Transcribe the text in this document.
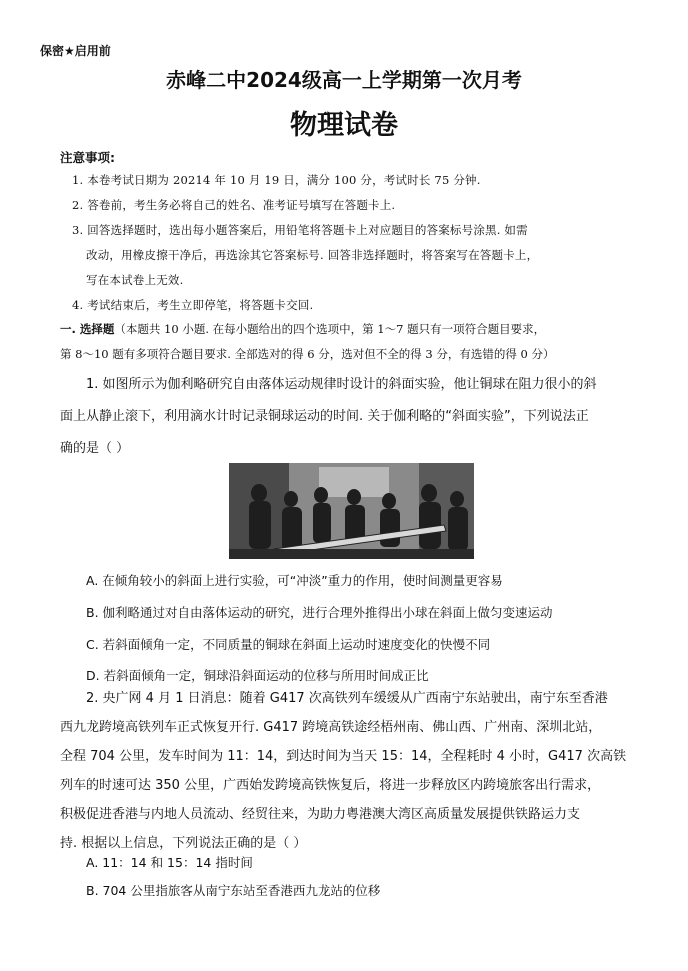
保密★启用前
赤峰二中2024级高一上学期第一次月考
物理试卷
注意事项:
1. 本卷考试日期为 20214 年 10 月 19 日，满分 100 分，考试时长 75 分钟.
2. 答卷前，考生务必将自己的姓名、准考证号填写在答题卡上.
3. 回答选择题时，选出每小题答案后，用铅笔将答题卡上对应题目的答案标号涂黑. 如需
改动，用橡皮擦干净后，再选涂其它答案标号. 回答非选择题时，将答案写在答题卡上，
写在本试卷上无效.
4. 考试结束后，考生立即停笔，将答题卡交回.
一. 选择题（本题共 10 小题. 在每小题给出的四个选项中，第 1～7 题只有一项符合题目要求，
第 8～10 题有多项符合题目要求. 全部选对的得 6 分，选对但不全的得 3 分，有选错的得 0 分）
1. 如图所示为伽利略研究自由落体运动规律时设计的斜面实验，他让铜球在阻力很小的斜
面上从静止滚下，利用滴水计时记录铜球运动的时间. 关于伽利略的“斜面实验”，下列说法正
确的是（ ）
A. 在倾角较小的斜面上进行实验，可“冲淡”重力的作用，使时间测量更容易
B. 伽利略通过对自由落体运动的研究，进行合理外推得出小球在斜面上做匀变速运动
C. 若斜面倾角一定，不同质量的铜球在斜面上运动时速度变化的快慢不同
D. 若斜面倾角一定，铜球沿斜面运动的位移与所用时间成正比
2. 央广网 4 月 1 日消息：随着 G417 次高铁列车缓缓从广西南宁东站驶出，南宁东至香港
西九龙跨境高铁列车正式恢复开行. G417 跨境高铁途经梧州南、佛山西、广州南、深圳北站，
全程 704 公里，发车时间为 11：14，到达时间为当天 15：14，全程耗时 4 小时，G417 次高铁
列车的时速可达 350 公里，广西始发跨境高铁恢复后，将进一步释放区内跨境旅客出行需求，
积极促进香港与内地人员流动、经贸往来，为助力粤港澳大湾区高质量发展提供铁路运力支
持. 根据以上信息，下列说法正确的是（ ）
A. 11：14 和 15：14 指时间
B. 704 公里指旅客从南宁东站至香港西九龙站的位移
